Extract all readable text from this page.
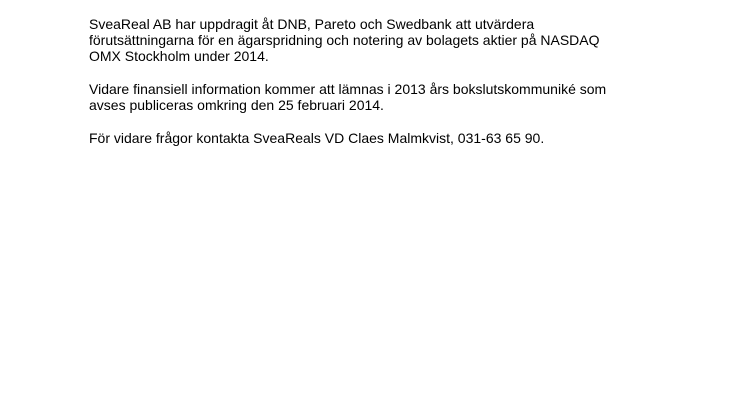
SveaReal AB har uppdragit åt DNB, Pareto och Swedbank att utvärdera
förutsättningarna för en ägarspridning och notering av bolagets aktier på NASDAQ
OMX Stockholm under 2014.

Vidare finansiell information kommer att lämnas i 2013 års bokslutskommuniké som
avses publiceras omkring den 25 februari 2014.

För vidare frågor kontakta SveaReals VD Claes Malmkvist, 031-63 65 90.
